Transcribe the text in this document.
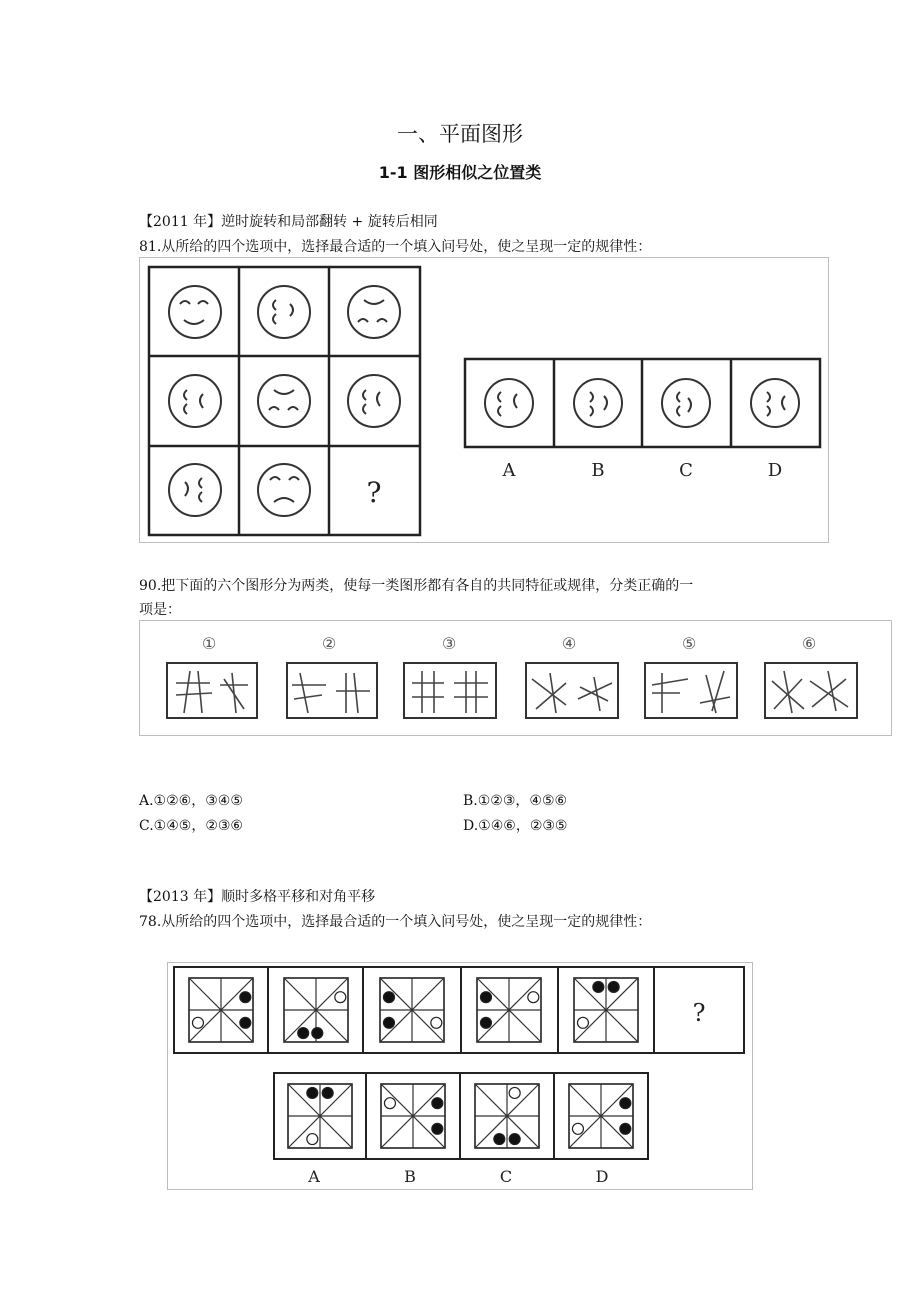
一、平面图形
1-1 图形相似之位置类
【2011 年】逆时旋转和局部翻转 + 旋转后相同
81.从所给的四个选项中，选择最合适的一个填入问号处，使之呈现一定的规律性：
?
A	B	C	D
90.把下面的六个图形分为两类，使每一类图形都有各自的共同特征或规律，分类正确的一
项是：
①	②	③	④	⑤	⑥
A.①②⑥，③④⑤	B.①②③，④⑤⑥
C.①④⑤，②③⑥	D.①④⑥，②③⑤
【2013 年】顺时多格平移和对角平移
78.从所给的四个选项中，选择最合适的一个填入问号处，使之呈现一定的规律性：
?
A	B	C	D
